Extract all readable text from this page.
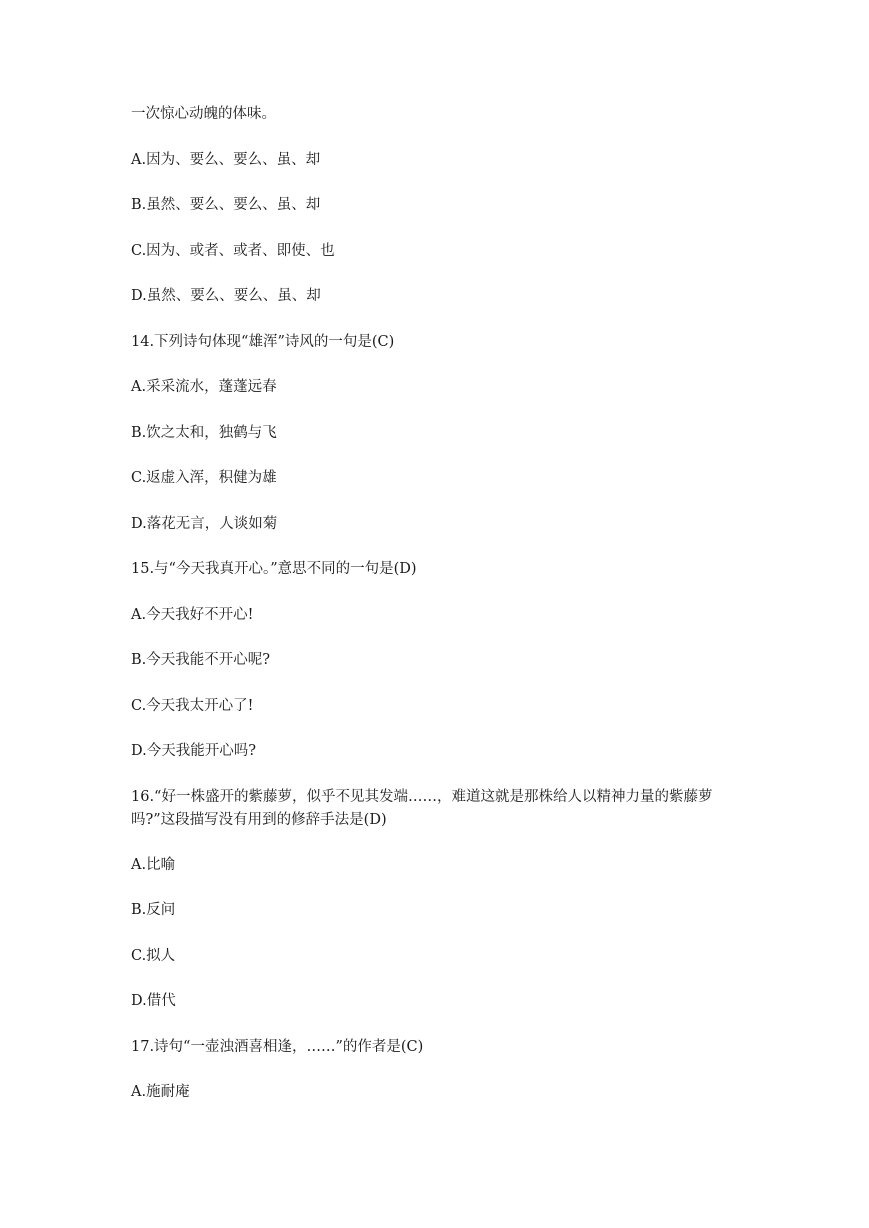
一次惊心动魄的体味。

A.因为、要么、要么、虽、却

B.虽然、要么、要么、虽、却

C.因为、或者、或者、即使、也

D.虽然、要么、要么、虽、却

14.下列诗句体现“雄浑”诗风的一句是(C)

A.采采流水，蓬蓬远春

B.饮之太和，独鹤与飞

C.返虚入浑，积健为雄

D.落花无言，人谈如菊

15.与“今天我真开心。”意思不同的一句是(D)

A.今天我好不开心!

B.今天我能不开心呢?

C.今天我太开心了!

D.今天我能开心吗?

16.“好一株盛开的紫藤萝，似乎不见其发端……，难道这就是那株给人以精神力量的紫藤萝吗?”这段描写没有用到的修辞手法是(D)

A.比喻

B.反问

C.拟人

D.借代

17.诗句“一壶浊酒喜相逢，……”的作者是(C)

A.施耐庵
